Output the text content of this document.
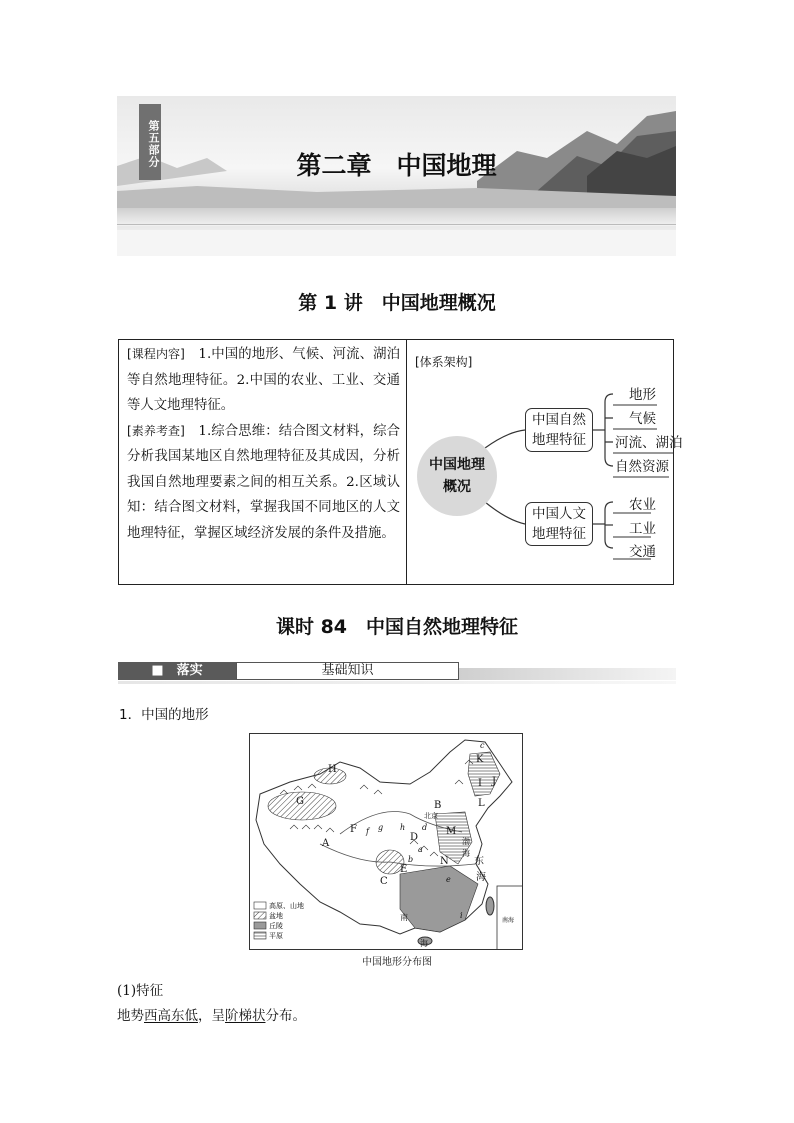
第五部分	第二章　中国地理
第 1 讲　中国地理概况
[课程内容]　1.中国的地形、气候、河流、湖泊等自然地理特征。2.中国的农业、工业、交通等人文地理特征。
[素养考查]　1.综合思维：结合图文材料，综合分析我国某地区自然地理特征及其成因，分析我国自然地理要素之间的相互关系。2.区域认知：结合图文材料，掌握我国不同地区的人文地理特征，掌握区域经济发展的条件及措施。
[体系架构]
中国地理概况
中国自然地理特征
中国人文地理特征
地形
气候
河流、湖泊
自然资源
农业
工业
交通
课时 84　中国自然地理特征
■　落实	基础知识
1．中国的地形
H
G
F
A
B
D
E
C
M
N
I J
K
L
a
b
c
d
e
f g h
i
北京
东
海
渤
海
南
海
高原、山地
盆地
丘陵
平原
南海
中国地形分布图
(1)特征
地势西高东低，呈阶梯状分布。
